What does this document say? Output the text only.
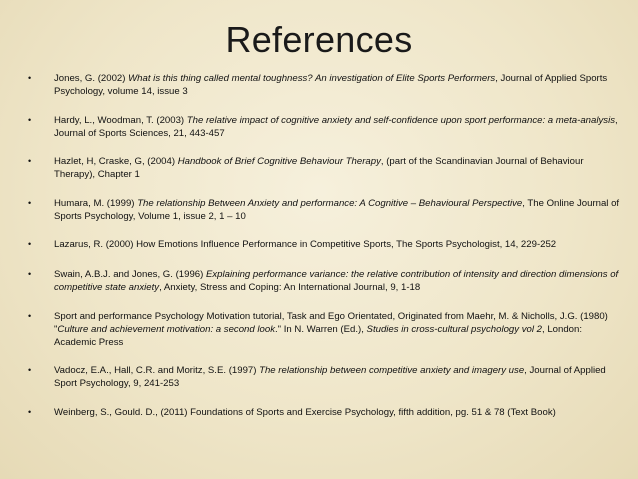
References
• Jones, G. (2002) What is this thing called mental toughness? An investigation of Elite Sports Performers, Journal of Applied Sports Psychology, volume 14, issue 3
• Hardy, L., Woodman, T. (2003) The relative impact of cognitive anxiety and self-confidence upon sport performance: a meta-analysis, Journal of Sports Sciences, 21, 443-457
• Hazlet, H, Craske, G, (2004) Handbook of Brief Cognitive Behaviour Therapy, (part of the Scandinavian Journal of Behaviour Therapy), Chapter 1
• Humara, M. (1999) The relationship Between Anxiety and performance: A Cognitive – Behavioural Perspective, The Online Journal of Sports Psychology, Volume 1, issue 2, 1 – 10
• Lazarus, R. (2000) How Emotions Influence Performance in Competitive Sports, The Sports Psychologist, 14, 229-252
• Swain, A.B.J. and Jones, G. (1996) Explaining performance variance: the relative contribution of intensity and direction dimensions of competitive state anxiety, Anxiety, Stress and Coping: An International Journal, 9, 1-18
• Sport and performance Psychology Motivation tutorial, Task and Ego Orientated, Originated from Maehr, M. & Nicholls, J.G. (1980) "Culture and achievement motivation: a second look." In N. Warren (Ed.), Studies in cross-cultural psychology vol 2, London: Academic Press
• Vadocz, E.A., Hall, C.R. and Moritz, S.E. (1997) The relationship between competitive anxiety and imagery use, Journal of Applied Sport Psychology, 9, 241-253
• Weinberg, S., Gould. D., (2011) Foundations of Sports and Exercise Psychology, fifth addition, pg. 51 & 78 (Text Book)
